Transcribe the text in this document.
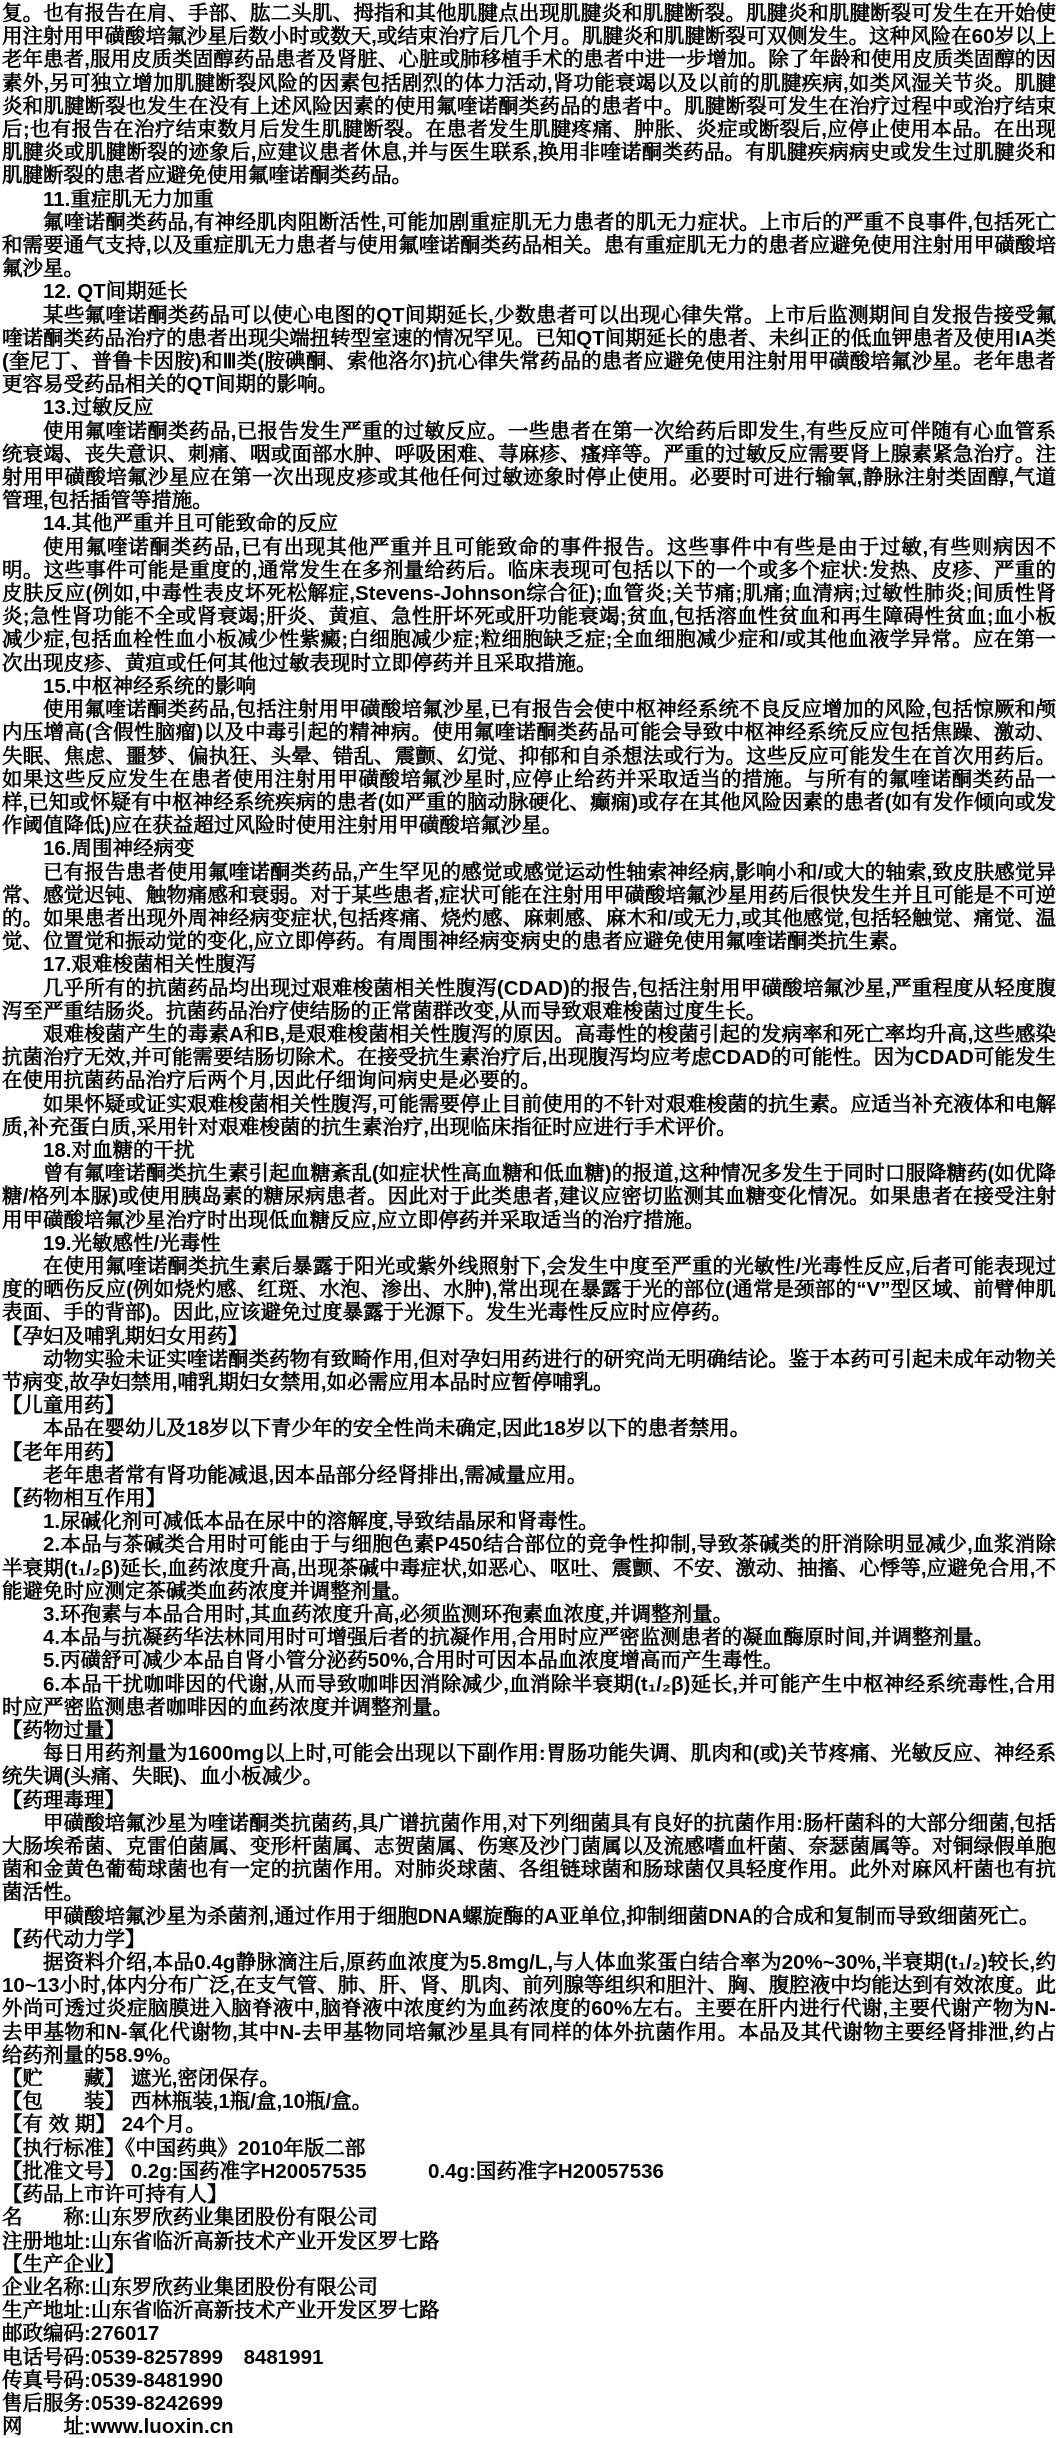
复。也有报告在肩、手部、肱二头肌、拇指和其他肌腱点出现肌腱炎和肌腱断裂。肌腱炎和肌腱断裂可发生在开始使用注射用甲磺酸培氟沙星后数小时或数天,或结束治疗后几个月。肌腱炎和肌腱断裂可双侧发生。这种风险在60岁以上老年患者,服用皮质类固醇药品患者及肾脏、心脏或肺移植手术的患者中进一步增加。除了年龄和使用皮质类固醇的因素外,另可独立增加肌腱断裂风险的因素包括剧烈的体力活动,肾功能衰竭以及以前的肌腱疾病,如类风湿关节炎。肌腱炎和肌腱断裂也发生在没有上述风险因素的使用氟喹诺酮类药品的患者中。肌腱断裂可发生在治疗过程中或治疗结束后;也有报告在治疗结束数月后发生肌腱断裂。在患者发生肌腱疼痛、肿胀、炎症或断裂后,应停止使用本品。在出现肌腱炎或肌腱断裂的迹象后,应建议患者休息,并与医生联系,换用非喹诺酮类药品。有肌腱疾病病史或发生过肌腱炎和肌腱断裂的患者应避免使用氟喹诺酮类药品。

11.重症肌无力加重

氟喹诺酮类药品,有神经肌肉阻断活性,可能加剧重症肌无力患者的肌无力症状。上市后的严重不良事件,包括死亡和需要通气支持,以及重症肌无力患者与使用氟喹诺酮类药品相关。患有重症肌无力的患者应避免使用注射用甲磺酸培氟沙星。

12. QT间期延长

某些氟喹诺酮类药品可以使心电图的QT间期延长,少数患者可以出现心律失常。上市后监测期间自发报告接受氟喹诺酮类药品治疗的患者出现尖端扭转型室速的情况罕见。已知QT间期延长的患者、未纠正的低血钾患者及使用IA类(奎尼丁、普鲁卡因胺)和Ⅲ类(胺碘酮、索他洛尔)抗心律失常药品的患者应避免使用注射用甲磺酸培氟沙星。老年患者更容易受药品相关的QT间期的影响。

13.过敏反应

使用氟喹诺酮类药品,已报告发生严重的过敏反应。一些患者在第一次给药后即发生,有些反应可伴随有心血管系统衰竭、丧失意识、刺痛、咽或面部水肿、呼吸困难、荨麻疹、瘙痒等。严重的过敏反应需要肾上腺素紧急治疗。注射用甲磺酸培氟沙星应在第一次出现皮疹或其他任何过敏迹象时停止使用。必要时可进行输氧,静脉注射类固醇,气道管理,包括插管等措施。

14.其他严重并且可能致命的反应

使用氟喹诺酮类药品,已有出现其他严重并且可能致命的事件报告。这些事件中有些是由于过敏,有些则病因不明。这些事件可能是重度的,通常发生在多剂量给药后。临床表现可包括以下的一个或多个症状:发热、皮疹、严重的皮肤反应(例如,中毒性表皮坏死松解症,Stevens-Johnson综合征);血管炎;关节痛;肌痛;血清病;过敏性肺炎;间质性肾炎;急性肾功能不全或肾衰竭;肝炎、黄疸、急性肝坏死或肝功能衰竭;贫血,包括溶血性贫血和再生障碍性贫血;血小板减少症,包括血栓性血小板减少性紫癜;白细胞减少症;粒细胞缺乏症;全血细胞减少症和/或其他血液学异常。应在第一次出现皮疹、黄疸或任何其他过敏表现时立即停药并且采取措施。

15.中枢神经系统的影响

使用氟喹诺酮类药品,包括注射用甲磺酸培氟沙星,已有报告会使中枢神经系统不良反应增加的风险,包括惊厥和颅内压增高(含假性脑瘤)以及中毒引起的精神病。使用氟喹诺酮类药品可能会导致中枢神经系统反应包括焦躁、激动、失眠、焦虑、噩梦、偏执狂、头晕、错乱、震颤、幻觉、抑郁和自杀想法或行为。这些反应可能发生在首次用药后。如果这些反应发生在患者使用注射用甲磺酸培氟沙星时,应停止给药并采取适当的措施。与所有的氟喹诺酮类药品一样,已知或怀疑有中枢神经系统疾病的患者(如严重的脑动脉硬化、癫痫)或存在其他风险因素的患者(如有发作倾向或发作阈值降低)应在获益超过风险时使用注射用甲磺酸培氟沙星。

16.周围神经病变

已有报告患者使用氟喹诺酮类药品,产生罕见的感觉或感觉运动性轴索神经病,影响小和/或大的轴索,致皮肤感觉异常、感觉迟钝、触物痛感和衰弱。对于某些患者,症状可能在注射用甲磺酸培氟沙星用药后很快发生并且可能是不可逆的。如果患者出现外周神经病变症状,包括疼痛、烧灼感、麻刺感、麻木和/或无力,或其他感觉,包括轻触觉、痛觉、温觉、位置觉和振动觉的变化,应立即停药。有周围神经病变病史的患者应避免使用氟喹诺酮类抗生素。

17.艰难梭菌相关性腹泻

几乎所有的抗菌药品均出现过艰难梭菌相关性腹泻(CDAD)的报告,包括注射用甲磺酸培氟沙星,严重程度从轻度腹泻至严重结肠炎。抗菌药品治疗使结肠的正常菌群改变,从而导致艰难梭菌过度生长。

艰难梭菌产生的毒素A和B,是艰难梭菌相关性腹泻的原因。高毒性的梭菌引起的发病率和死亡率均升高,这些感染抗菌治疗无效,并可能需要结肠切除术。在接受抗生素治疗后,出现腹泻均应考虑CDAD的可能性。因为CDAD可能发生在使用抗菌药品治疗后两个月,因此仔细询问病史是必要的。

如果怀疑或证实艰难梭菌相关性腹泻,可能需要停止目前使用的不针对艰难梭菌的抗生素。应适当补充液体和电解质,补充蛋白质,采用针对艰难梭菌的抗生素治疗,出现临床指征时应进行手术评价。

18.对血糖的干扰

曾有氟喹诺酮类抗生素引起血糖紊乱(如症状性高血糖和低血糖)的报道,这种情况多发生于同时口服降糖药(如优降糖/格列本脲)或使用胰岛素的糖尿病患者。因此对于此类患者,建议应密切监测其血糖变化情况。如果患者在接受注射用甲磺酸培氟沙星治疗时出现低血糖反应,应立即停药并采取适当的治疗措施。

19.光敏感性/光毒性

在使用氟喹诺酮类抗生素后暴露于阳光或紫外线照射下,会发生中度至严重的光敏性/光毒性反应,后者可能表现过度的晒伤反应(例如烧灼感、红斑、水泡、渗出、水肿),常出现在暴露于光的部位(通常是颈部的“V”型区域、前臂伸肌表面、手的背部)。因此,应该避免过度暴露于光源下。发生光毒性反应时应停药。

【孕妇及哺乳期妇女用药】

动物实验未证实喹诺酮类药物有致畸作用,但对孕妇用药进行的研究尚无明确结论。鉴于本药可引起未成年动物关节病变,故孕妇禁用,哺乳期妇女禁用,如必需应用本品时应暂停哺乳。

【儿童用药】

本品在婴幼儿及18岁以下青少年的安全性尚未确定,因此18岁以下的患者禁用。

【老年用药】

老年患者常有肾功能减退,因本品部分经肾排出,需减量应用。

【药物相互作用】

1.尿碱化剂可减低本品在尿中的溶解度,导致结晶尿和肾毒性。

2.本品与茶碱类合用时可能由于与细胞色素P450结合部位的竞争性抑制,导致茶碱类的肝消除明显减少,血浆消除半衰期(t₁/₂β)延长,血药浓度升高,出现茶碱中毒症状,如恶心、呕吐、震颤、不安、激动、抽搐、心悸等,应避免合用,不能避免时应测定茶碱类血药浓度并调整剂量。

3.环孢素与本品合用时,其血药浓度升高,必须监测环孢素血浓度,并调整剂量。

4.本品与抗凝药华法林同用时可增强后者的抗凝作用,合用时应严密监测患者的凝血酶原时间,并调整剂量。

5.丙磺舒可减少本品自肾小管分泌药50%,合用时可因本品血浓度增高而产生毒性。

6.本品干扰咖啡因的代谢,从而导致咖啡因消除减少,血消除半衰期(t₁/₂β)延长,并可能产生中枢神经系统毒性,合用时应严密监测患者咖啡因的血药浓度并调整剂量。

【药物过量】

每日用药剂量为1600mg以上时,可能会出现以下副作用:胃肠功能失调、肌肉和(或)关节疼痛、光敏反应、神经系统失调(头痛、失眠)、血小板减少。

【药理毒理】

甲磺酸培氟沙星为喹诺酮类抗菌药,具广谱抗菌作用,对下列细菌具有良好的抗菌作用:肠杆菌科的大部分细菌,包括大肠埃希菌、克雷伯菌属、变形杆菌属、志贺菌属、伤寒及沙门菌属以及流感嗜血杆菌、奈瑟菌属等。对铜绿假单胞菌和金黄色葡萄球菌也有一定的抗菌作用。对肺炎球菌、各组链球菌和肠球菌仅具轻度作用。此外对麻风杆菌也有抗菌活性。

甲磺酸培氟沙星为杀菌剂,通过作用于细胞DNA螺旋酶的A亚单位,抑制细菌DNA的合成和复制而导致细菌死亡。

【药代动力学】

据资料介绍,本品0.4g静脉滴注后,原药血浓度为5.8mg/L,与人体血浆蛋白结合率为20%~30%,半衰期(t₁/₂)较长,约10~13小时,体内分布广泛,在支气管、肺、肝、肾、肌肉、前列腺等组织和胆汁、胸、腹腔液中均能达到有效浓度。此外尚可透过炎症脑膜进入脑脊液中,脑脊液中浓度约为血药浓度的60%左右。主要在肝内进行代谢,主要代谢产物为N-去甲基物和N-氧化代谢物,其中N-去甲基物同培氟沙星具有同样的体外抗菌作用。本品及其代谢物主要经肾排泄,约占给药剂量的58.9%。

【贮　　藏】 遮光,密闭保存。

【包　　装】 西林瓶装,1瓶/盒,10瓶/盒。

【有 效 期】 24个月。

【执行标准】《中国药典》2010年版二部

【批准文号】 0.2g:国药准字H20057535　　　0.4g:国药准字H20057536

【药品上市许可持有人】

名　　称:山东罗欣药业集团股份有限公司

注册地址:山东省临沂高新技术产业开发区罗七路

【生产企业】

企业名称:山东罗欣药业集团股份有限公司

生产地址:山东省临沂高新技术产业开发区罗七路

邮政编码:276017

电话号码:0539-8257899　8481991

传真号码:0539-8481990

售后服务:0539-8242699

网　　址:www.luoxin.cn
